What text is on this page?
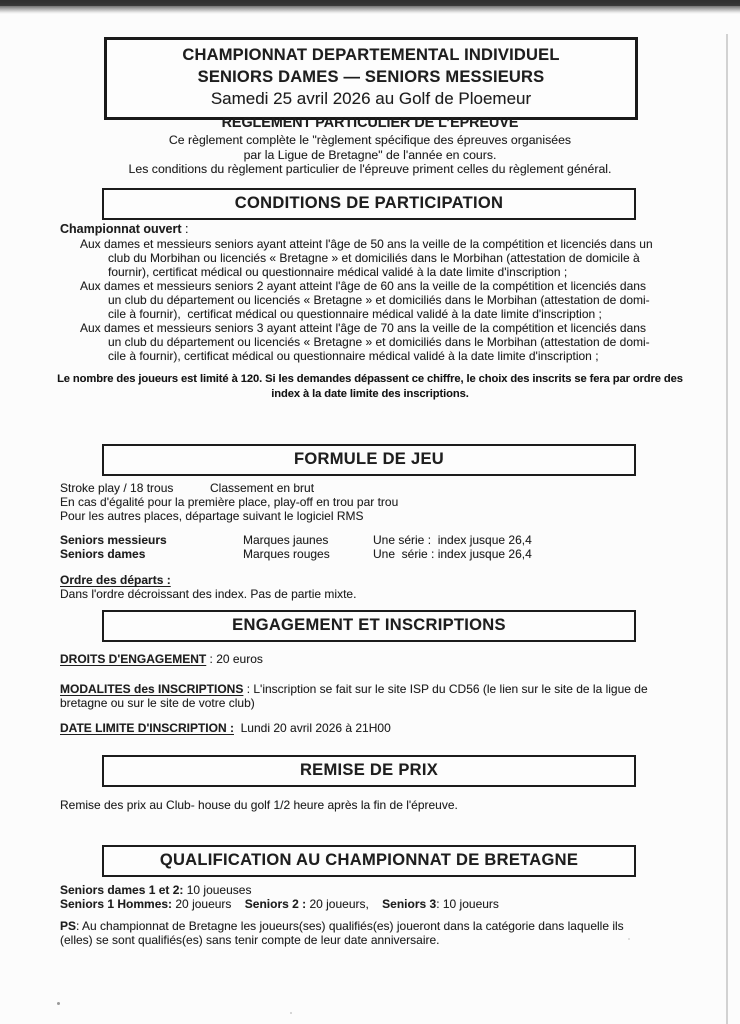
CHAMPIONNAT DEPARTEMENTAL INDIVIDUEL
SENIORS DAMES — SENIORS MESSIEURS
Samedi 25 avril 2026 au Golf de Ploemeur
REGLEMENT PARTICULIER DE L’EPREUVE
Ce règlement complète le "règlement spécifique des épreuves organisées
par la Ligue de Bretagne" de l'année en cours.
Les conditions du règlement particulier de l'épreuve priment celles du règlement général.
CONDITIONS DE PARTICIPATION
Championnat ouvert :
Aux dames et messieurs seniors ayant atteint l'âge de 50 ans la veille de la compétition et licenciés dans un
club du Morbihan ou licenciés « Bretagne » et domiciliés dans le Morbihan (attestation de domicile à
fournir), certificat médical ou questionnaire médical validé à la date limite d'inscription ;
Aux dames et messieurs seniors 2 ayant atteint l'âge de 60 ans la veille de la compétition et licenciés dans
un club du département ou licenciés « Bretagne » et domiciliés dans le Morbihan (attestation de domi-
cile à fournir),  certificat médical ou questionnaire médical validé à la date limite d'inscription ;
Aux dames et messieurs seniors 3 ayant atteint l'âge de 70 ans la veille de la compétition et licenciés dans
un club du département ou licenciés « Bretagne » et domiciliés dans le Morbihan (attestation de domi-
cile à fournir), certificat médical ou questionnaire médical validé à la date limite d'inscription ;
Le nombre des joueurs est limité à 120. Si les demandes dépassent ce chiffre, le choix des inscrits se fera par ordre des
index à la date limite des inscriptions.
FORMULE DE JEU
Stroke play / 18 trous	Classement en brut
En cas d'égalité pour la première place, play-off en trou par trou
Pour les autres places, départage suivant le logiciel RMS
Seniors messieurs	Marques jaunes	Une série :  index jusque 26,4
Seniors dames	Marques rouges	Une  série : index jusque 26,4
Ordre des départs :
Dans l'ordre décroissant des index. Pas de partie mixte.
ENGAGEMENT ET INSCRIPTIONS
DROITS D'ENGAGEMENT : 20 euros
MODALITES des INSCRIPTIONS : L'inscription se fait sur le site ISP du CD56 (le lien sur le site de la ligue de
bretagne ou sur le site de votre club)
DATE LIMITE D'INSCRIPTION :  Lundi 20 avril 2026 à 21H00
REMISE DE PRIX
Remise des prix au Club- house du golf 1/2 heure après la fin de l'épreuve.
QUALIFICATION AU CHAMPIONNAT DE BRETAGNE
Seniors dames 1 et 2: 10 joueuses
Seniors 1 Hommes: 20 joueurs    Seniors 2 : 20 joueurs,    Seniors 3: 10 joueurs
PS: Au championnat de Bretagne les joueurs(ses) qualifiés(es) joueront dans la catégorie dans laquelle ils
(elles) se sont qualifiés(es) sans tenir compte de leur date anniversaire.
